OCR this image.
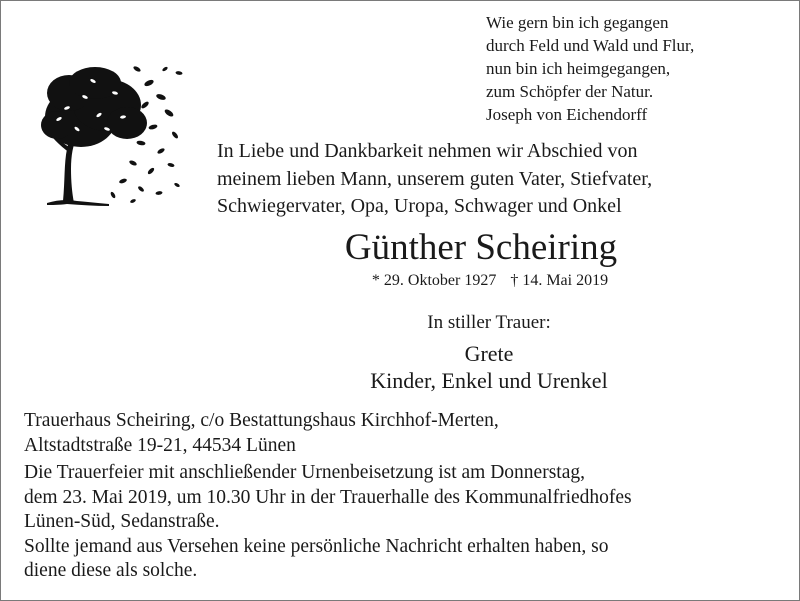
Wie gern bin ich gegangen
durch Feld und Wald und Flur,
nun bin ich heimgegangen,
zum Schöpfer der Natur.
Joseph von Eichendorff
In Liebe und Dankbarkeit nehmen wir Abschied von
meinem lieben Mann, unserem guten Vater, Stiefvater,
Schwiegervater, Opa, Uropa, Schwager und Onkel
Günther Scheiring
* 29. Oktober 1927 † 14. Mai 2019
In stiller Trauer:
Grete
Kinder, Enkel und Urenkel
Trauerhaus Scheiring, c/o Bestattungshaus Kirchhof-Merten,
Altstadtstraße 19-21, 44534 Lünen
Die Trauerfeier mit anschließender Urnenbeisetzung ist am Donnerstag,
dem 23. Mai 2019, um 10.30 Uhr in der Trauerhalle des Kommunalfriedhofes
Lünen-Süd, Sedanstraße.
Sollte jemand aus Versehen keine persönliche Nachricht erhalten haben, so
diene diese als solche.
